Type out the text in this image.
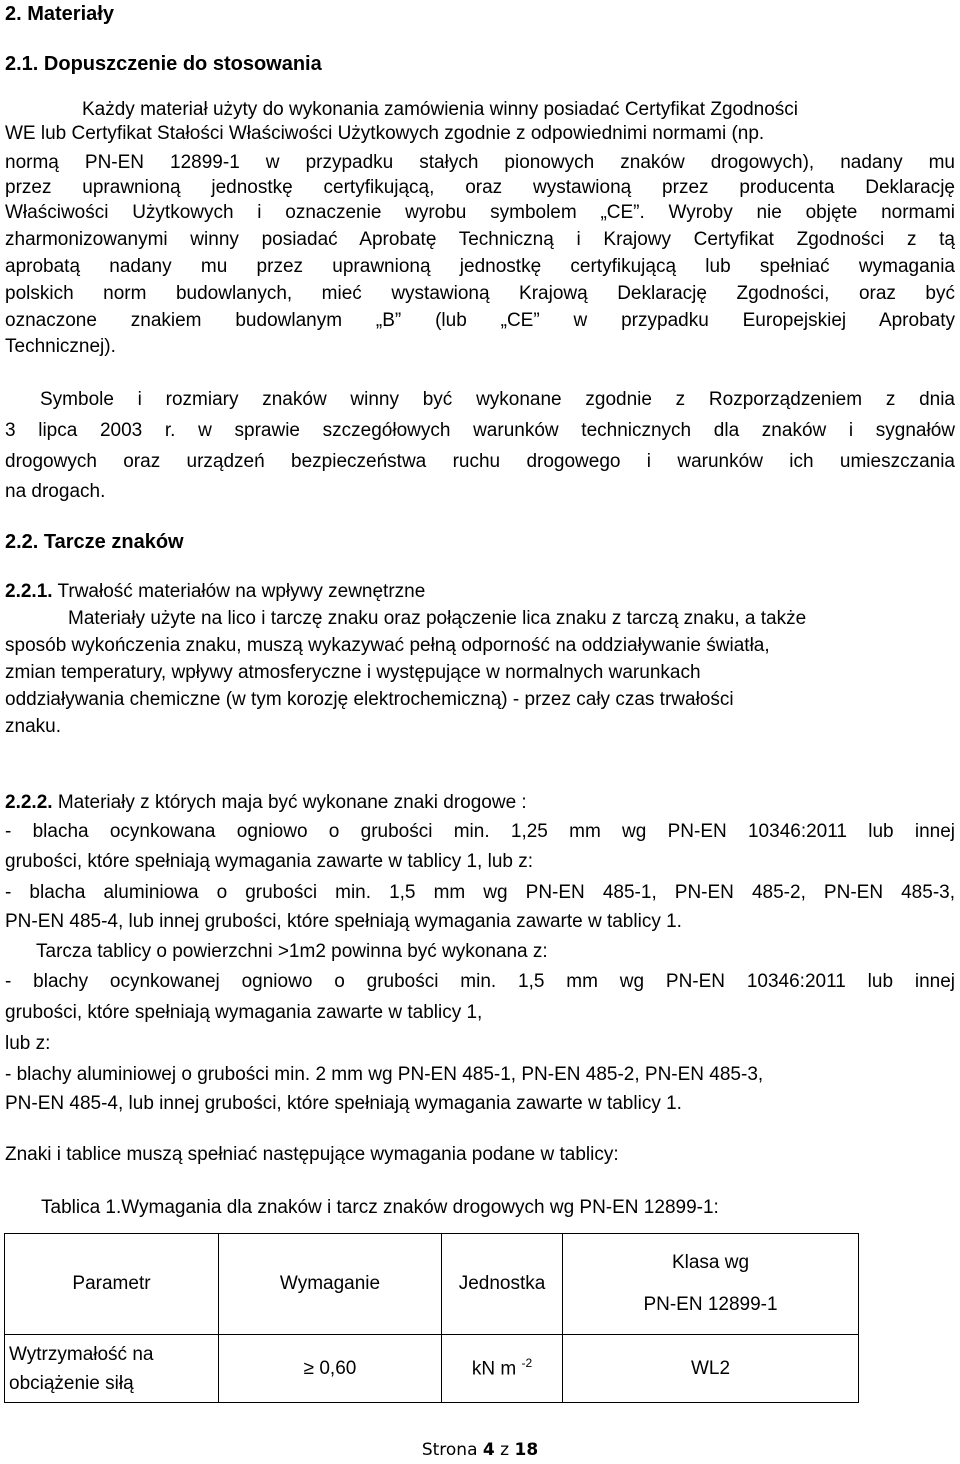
2. Materiały
2.1. Dopuszczenie do stosowania
Każdy materiał użyty do wykonania zamówienia winny posiadać Certyfikat Zgodności
WE lub Certyfikat Stałości Właściwości Użytkowych zgodnie z odpowiednimi normami (np.
normą PN-EN 12899-1 w przypadku stałych pionowych znaków drogowych), nadany mu
przez uprawnioną jednostkę certyfikującą, oraz wystawioną przez producenta Deklarację
Właściwości Użytkowych i oznaczenie wyrobu symbolem „CE”. Wyroby nie objęte normami
zharmonizowanymi winny posiadać Aprobatę Techniczną i Krajowy Certyfikat Zgodności z tą
aprobatą nadany mu przez uprawnioną jednostkę certyfikującą lub spełniać wymagania
polskich norm budowlanych, mieć wystawioną Krajową Deklarację Zgodności, oraz być
oznaczone znakiem budowlanym „B” (lub „CE” w przypadku Europejskiej Aprobaty
Technicznej).
Symbole i rozmiary znaków winny być wykonane zgodnie z Rozporządzeniem z dnia
3 lipca 2003 r. w sprawie szczegółowych warunków technicznych dla znaków i sygnałów
drogowych oraz urządzeń bezpieczeństwa ruchu drogowego i warunków ich umieszczania
na drogach.
2.2. Tarcze znaków
2.2.1. Trwałość materiałów na wpływy zewnętrzne
Materiały użyte na lico i tarczę znaku oraz połączenie lica znaku z tarczą znaku, a także
sposób wykończenia znaku, muszą wykazywać pełną odporność na oddziaływanie światła,
zmian temperatury, wpływy atmosferyczne i występujące w normalnych warunkach
oddziaływania chemiczne (w tym korozję elektrochemiczną) - przez cały czas trwałości
znaku.
2.2.2. Materiały z których maja być wykonane znaki drogowe :
- blacha ocynkowana ogniowo o grubości min. 1,25 mm wg PN-EN 10346:2011 lub innej
grubości, które spełniają wymagania zawarte w tablicy 1, lub z:
- blacha aluminiowa o grubości min. 1,5 mm wg PN-EN 485-1, PN-EN 485-2, PN-EN 485-3,
PN-EN 485-4, lub innej grubości, które spełniają wymagania zawarte w tablicy 1.
Tarcza tablicy o powierzchni >1m2 powinna być wykonana z:
- blachy ocynkowanej ogniowo o grubości min. 1,5 mm wg PN-EN 10346:2011 lub innej
grubości, które spełniają wymagania zawarte w tablicy 1,
lub z:
- blachy aluminiowej o grubości min. 2 mm wg PN-EN 485-1, PN-EN 485-2, PN-EN 485-3,
PN-EN 485-4, lub innej grubości, które spełniają wymagania zawarte w tablicy 1.
Znaki i tablice muszą spełniać następujące wymagania podane w tablicy:
Tablica 1.Wymagania dla znaków i tarcz znaków drogowych wg PN-EN 12899-1:
Parametr	Wymaganie	Jednostka	Klasa wg
PN-EN 12899-1

Wytrzymałość na
obciążenie siłą	≥ 0,60	kN m $^{-2}$	WL2
Strona 4 z 18
